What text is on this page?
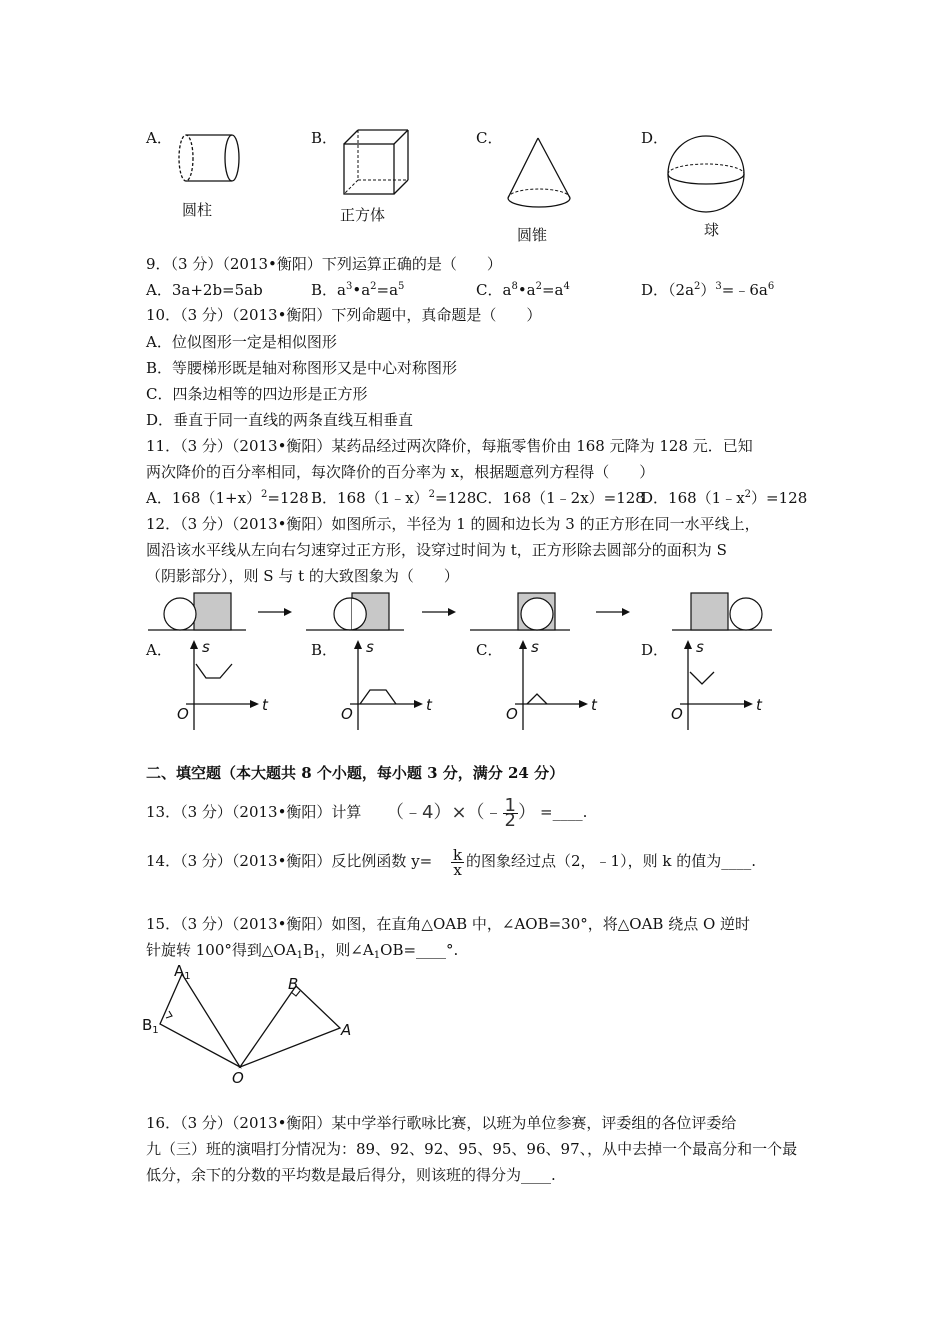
A．
圆柱
B．
正方体
C．
圆锥
D．
球
9．（3 分）（2013•衡阳）下列运算正确的是（　　）
A．3a+2b=5ab	B．$a^3•a^2=a^5$	C．$a^8•a^2=a^4$	D．$(2a^2)^3=﹣6a^6$
10．（3 分）（2013•衡阳）下列命题中，真命题是（　　）
A．位似图形一定是相似图形
B．等腰梯形既是轴对称图形又是中心对称图形
C．四条边相等的四边形是正方形
D．垂直于同一直线的两条直线互相垂直
11．（3 分）（2013•衡阳）某药品经过两次降价，每瓶零售价由 168 元降为 128 元．已知
两次降价的百分率相同，每次降价的百分率为 x，根据题意列方程得（　　）
A．$168(1+x)^2=128$ B．168（1﹣x）$^2$=128 C．168（1﹣2x）=128
D．$168(1﹣x^2)=128$
12．（3 分）（2013•衡阳）如图所示，半径为 1 的圆和边长为 3 的正方形在同一水平线上，
圆沿该水平线从左向右匀速穿过正方形，设穿过时间为 t，正方形除去圆部分的面积为 S
（阴影部分），则 S 与 t 的大致图象为（　　）
A．	B．	C．	D．
s
t
O
s
t
O
s
t
O
s
t
O
二、填空题（本大题共 8 个小题，每小题 3 分，满分 24 分）
13．（3 分）（2013•衡阳）计算 （﹣4）×（﹣ $\frac{1}{2}$ ） =____.
14．（3 分）（2013•衡阳）反比例函数 $y= \frac{k}{x}$ 的图象经过点（2，﹣1），则 k 的值为____.
15．（3 分）（2013•衡阳）如图，在直角△OAB 中，∠AOB=30°，将△OAB 绕点 O 逆时
针旋转 100°得到$\triangle OA_1B_1$，则$\angle A_1OB=\_\_\_\_^\circ$.
$A_1$
$B_1$
B
A
O
16．（3 分）（2013•衡阳）某中学举行歌咏比赛，以班为单位参赛，评委组的各位评委给
九（三）班的演唱打分情况为：89、92、92、95、95、96、97、，从中去掉一个最高分和一个最
低分，余下的分数的平均数是最后得分，则该班的得分为____.
